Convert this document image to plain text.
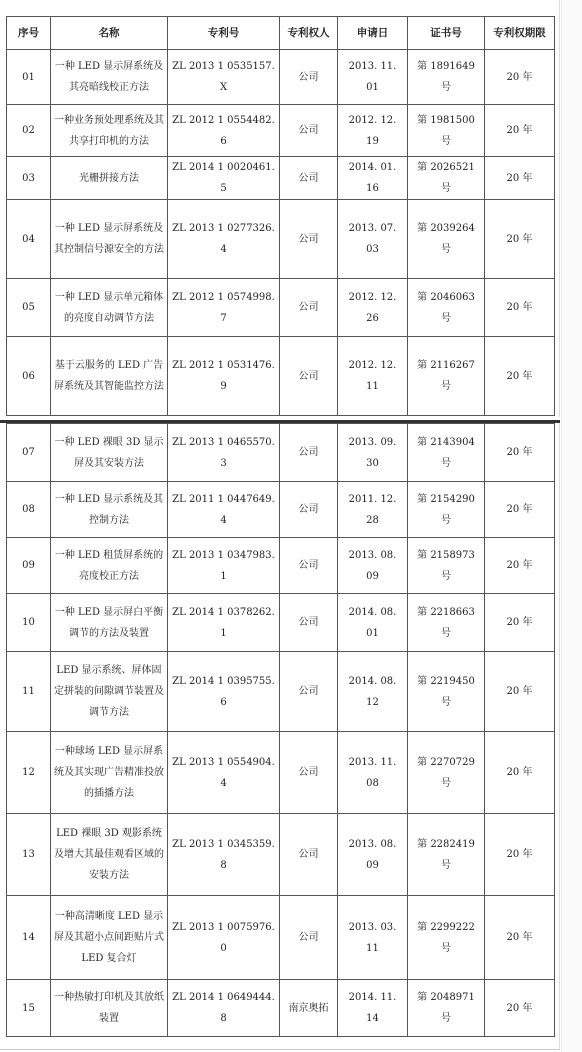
序号	名称	专利号	专利权人	申请日	证书号	专利权期限
01	一种 LED 显示屏系统及其亮暗线校正方法	ZL 2013 1 0535157. X	公司	2013. 11. 01	第 1891649 号	20 年
02	一种业务预处理系统及其共享打印机的方法	ZL 2012 1 0554482. 6	公司	2012. 12. 19	第 1981500 号	20 年
03	光栅拼接方法	ZL 2014 1 0020461. 5	公司	2014. 01. 16	第 2026521 号	20 年
04	一种 LED 显示屏系统及其控制信号源安全的方法	ZL 2013 1 0277326. 4	公司	2013. 07. 03	第 2039264 号	20 年
05	一种 LED 显示单元箱体的亮度自动调节方法	ZL 2012 1 0574998. 7	公司	2012. 12. 26	第 2046063 号	20 年
06	基于云服务的 LED 广告屏系统及其智能监控方法	ZL 2012 1 0531476. 9	公司	2012. 12. 11	第 2116267 号	20 年
07	一种 LED 裸眼 3D 显示屏及其安装方法	ZL 2013 1 0465570. 3	公司	2013. 09. 30	第 2143904 号	20 年
08	一种 LED 显示系统及其控制方法	ZL 2011 1 0447649. 4	公司	2011. 12. 28	第 2154290 号	20 年
09	一种 LED 租赁屏系统的亮度校正方法	ZL 2013 1 0347983. 1	公司	2013. 08. 09	第 2158973 号	20 年
10	一种 LED 显示屏白平衡调节的方法及装置	ZL 2014 1 0378262. 1	公司	2014. 08. 01	第 2218663 号	20 年
11	LED 显示系统、屏体固定拼装的间隙调节装置及调节方法	ZL 2014 1 0395755. 6	公司	2014. 08. 12	第 2219450 号	20 年
12	一种球场 LED 显示屏系统及其实现广告精准投放的插播方法	ZL 2013 1 0554904. 4	公司	2013. 11. 08	第 2270729 号	20 年
13	LED 裸眼 3D 观影系统及增大其最佳观看区域的安装方法	ZL 2013 1 0345359. 8	公司	2013. 08. 09	第 2282419 号	20 年
14	一种高清晰度 LED 显示屏及其超小点间距贴片式 LED 复合灯	ZL 2013 1 0075976. 0	公司	2013. 03. 11	第 2299222 号	20 年
15	一种热敏打印机及其放纸装置	ZL 2014 1 0649444. 8	南京奥拓	2014. 11. 14	第 2048971 号	20 年
